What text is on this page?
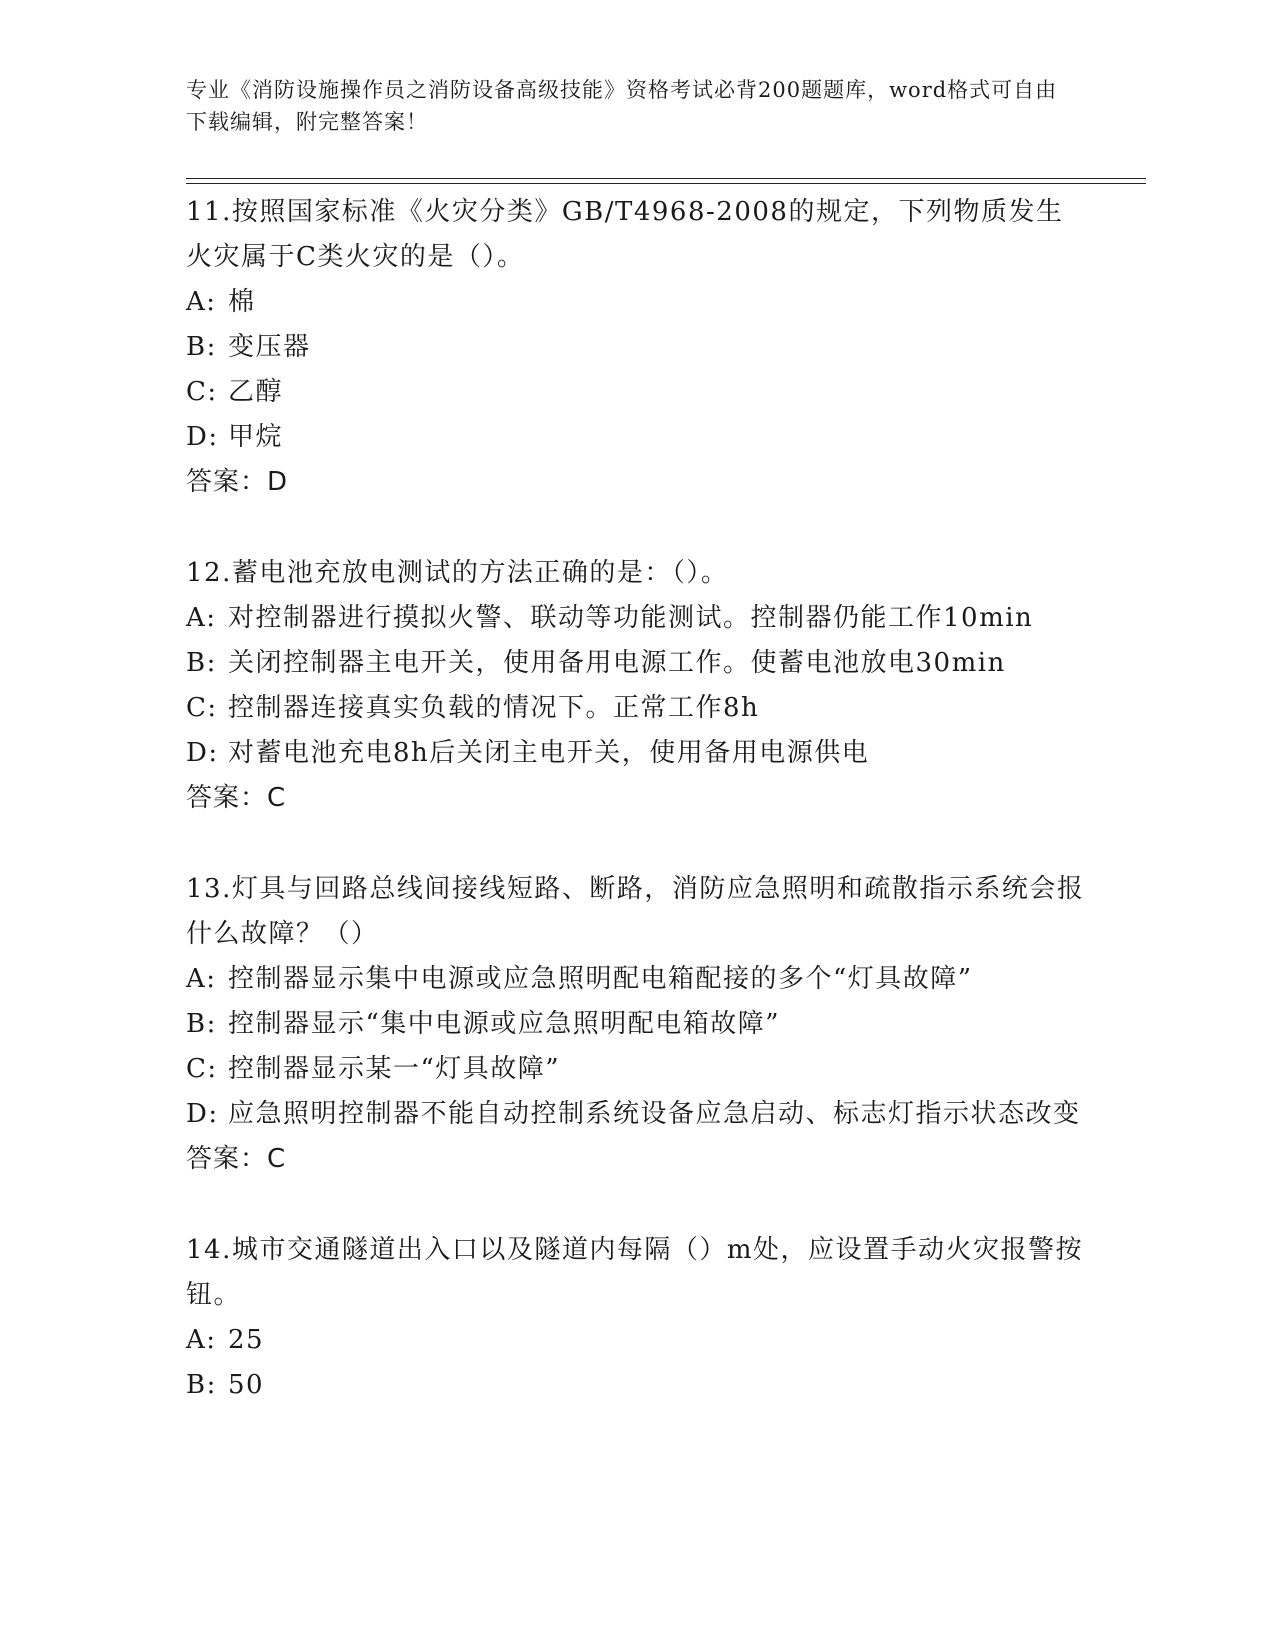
专业《消防设施操作员之消防设备高级技能》资格考试必背200题题库，word格式可自由下载编辑，附完整答案！

11.按照国家标准《火灾分类》GB/T4968-2008的规定，下列物质发生火灾属于C类火灾的是（）。

A: 棉

B: 变压器

C: 乙醇

D: 甲烷

答案：D

12.蓄电池充放电测试的方法正确的是：（）。

A: 对控制器进行摸拟火警、联动等功能测试。控制器仍能工作10min

B: 关闭控制器主电开关，使用备用电源工作。使蓄电池放电30min

C: 控制器连接真实负载的情况下。正常工作8h

D: 对蓄电池充电8h后关闭主电开关，使用备用电源供电

答案：C

13.灯具与回路总线间接线短路、断路，消防应急照明和疏散指示系统会报什么故障？（）

A: 控制器显示集中电源或应急照明配电箱配接的多个“灯具故障”

B: 控制器显示“集中电源或应急照明配电箱故障”

C: 控制器显示某一“灯具故障”

D: 应急照明控制器不能自动控制系统设备应急启动、标志灯指示状态改变

答案：C

14.城市交通隧道出入口以及隧道内每隔（）m处，应设置手动火灾报警按钮。

A: 25

B: 50
